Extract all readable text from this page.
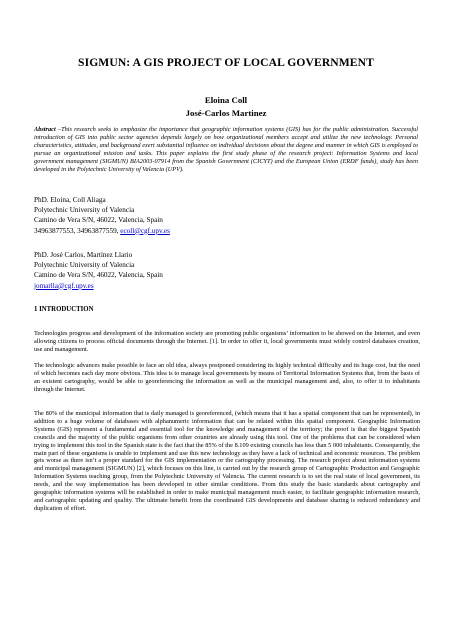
SIGMUN: A GIS PROJECT OF LOCAL GOVERNMENT
Eloina Coll
José-Carlos Martinez
Abstract –This research seeks to emphasize the importance that geographic information systems (GIS) has for the public administration. Successful introduction of GIS into public sector agencies depends largely on how organizational members accept and utilize the new technology. Personal characteristics, attitudes, and background exert substantial influence on individual decisions about the degree and manner in which GIS is employed to pursue an organizational mission and tasks. This paper explains the first study phase of the research project: Information Systems and local government management (SIGMUN) BIA2003-07914 from the Spanish Government (CICYT) and the European Union (ERDF funds), study has been developed in the Polytechnic University of Valencia (UPV).
PhD. Eloina, Coll Aliaga
Polytechnic University of Valencia
Camino de Vera S/N, 46022, Valencia, Spain
34963877553, 34963877559, ecoll@cgf.upv.es
PhD. José Carlos, Martínez Llario
Polytechnic University of Valencia
Camino de Vera S/N, 46022, Valencia, Spain
jomarlla@cgf.upv.es
1 INTRODUCTION
Technologies progress and development of the information society are promoting public organisms’ information to be showed on the Internet, and even allowing citizens to process official documents through the Internet. [1]. In order to offer it, local governments must widely control databases creation, use and management.
The technologic advances make possible to face an old idea, always postponed considering its highly technical difficulty and its huge cost, but the need of which becomes each day more obvious. This idea is to manage local governments by means of Territorial Information Systems that, from the basis of an existent cartography, would be able to georeferencing the information as well as the municipal management and, also, to offer it to inhabitants through the Internet.
The 80% of the municipal information that is daily managed is georeferenced, (which means that it has a spatial component that can be represented), in addition to a huge volume of databases with alphanumeric information that can be related within this spatial component. Geographic Information Systems (GIS) represent a fundamental and essential tool for the knowledge and management of the territory; the proof is that the biggest Spanish councils and the majority of the public organisms from other countries are already using this tool. One of the problems that can be considered when trying to implement this tool in the Spanish state is the fact that the 85% of the 8.109 existing councils has less than 5 000 inhabitants. Consequently, the main part of these organisms is unable to implement and use this new technology as they have a lack of technical and economic resources. The problem gets worse as there isn’t a proper standard for the GIS implementation or the cartography processing. The research project about information systems and municipal management (SIGMUN) [2], which focuses on this line, is carried out by the research group of Cartographic Production and Geographic Information Systems teaching group, from the Polytechnic University of Valencia. The current research is to set the real state of local government, its needs, and the way implementation has been developed in other similar conditions. From this study the basic standards about cartography and geographic information systems will be established in order to make municipal management much easier, to facilitate geographic information research, and cartographic updating and quality. The ultimate benefit from the coordinated GIS developments and database sharing is reduced redundancy and duplication of effort.
